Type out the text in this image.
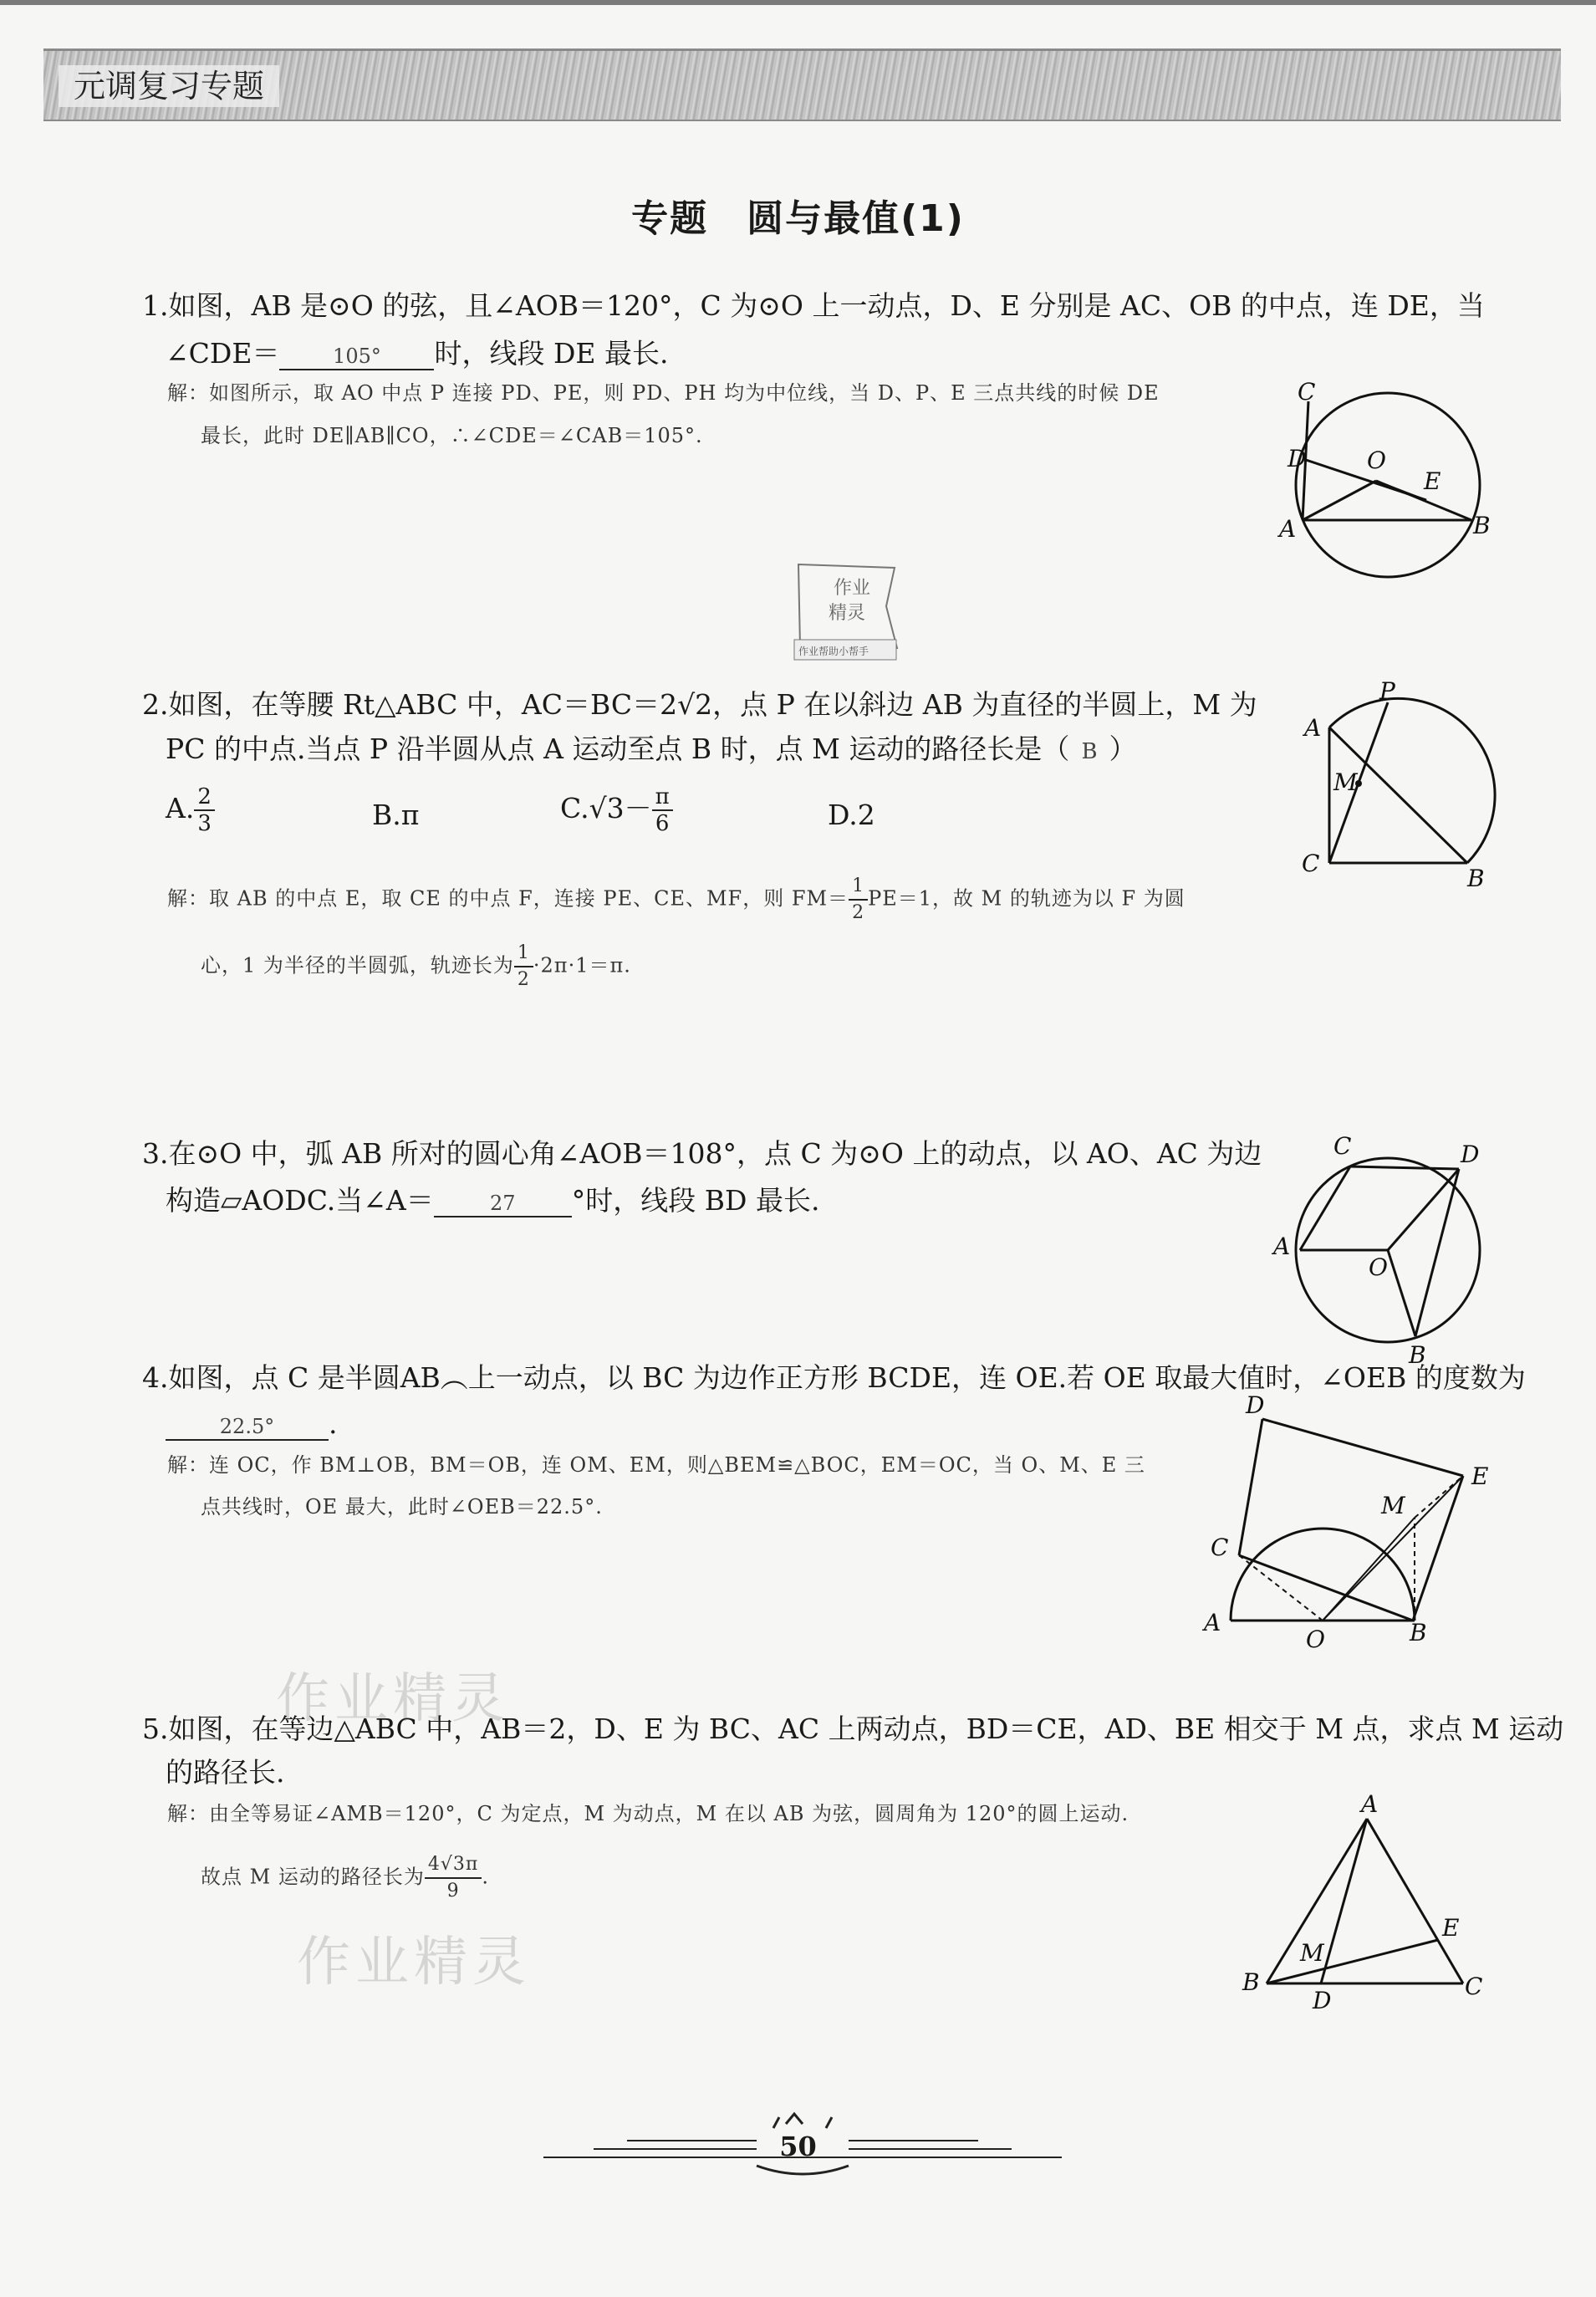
元调复习专题
专题　圆与最值(1)
1.如图，AB 是⊙O 的弦，且∠AOB＝120°，C 为⊙O 上一动点，D、E 分别是 AC、OB 的中点，连 DE，当
∠CDE＝	105° 时，线段 DE 最长.
解：如图所示，取 AO 中点 P 连接 PD、PE，则 PD、PH 均为中位线，当 D、P、E 三点共线的时候 DE
最长，此时 DE∥AB∥CO，∴∠CDE＝∠CAB＝105°.
C
D	O
E
A	B
作业
精灵
作业帮助小帮手
2.如图，在等腰 Rt△ABC 中，AC＝BC＝2√2，点 P 在以斜边 AB 为直径的半圆上，M 为
PC 的中点.当点 P 沿半圆从点 A 运动至点 B 时，点 M 运动的路径长是（ B ）
A. $\frac{2}{3}$	B.π	$C.√3- \frac{\pi}{6}$	D.2
解：取 AB 的中点 E，取 CE 的中点 F，连接 PE、CE、MF，则 $FM= \frac{1}{2} PE=1$，故 M 的轨迹为以 F 为圆
心，1 为半径的半圆弧，轨迹长为 $\frac{1}{2} \cdot 2\pi\cdot 1=\pi$.
P
A
M
C
B
3.在⊙O 中，弧 AB 所对的圆心角∠AOB＝108°，点 C 为⊙O 上的动点，以 AO、AC 为边
构造▱AODC.当∠A＝	27 °时，线段 BD 最长.
C	D
A
O
B
4.如图，点 C 是半圆AB︵上一动点，以 BC 为边作正方形 BCDE，连 OE.若 OE 取最大值时，∠OEB 的度数为
22.5° .
解：连 OC，作 BM⊥OB，BM＝OB，连 OM、EM，则△BEM≌△BOC，EM＝OC，当 O、M、E 三
点共线时，OE 最大，此时∠OEB＝22.5°.
D
E
M
C
A
O	B
作业精灵
5.如图，在等边△ABC 中，AB＝2，D、E 为 BC、AC 上两动点，BD＝CE，AD、BE 相交于 M 点，求点 M 运动
的路径长.
解：由全等易证∠AMB＝120°，C 为定点，M 为动点，M 在以 AB 为弦，圆周角为 120°的圆上运动.
故点 M 运动的路径长为 $\frac{4√3\pi}{9}$ .
作业精灵
A
E
M
B
D
C
50
